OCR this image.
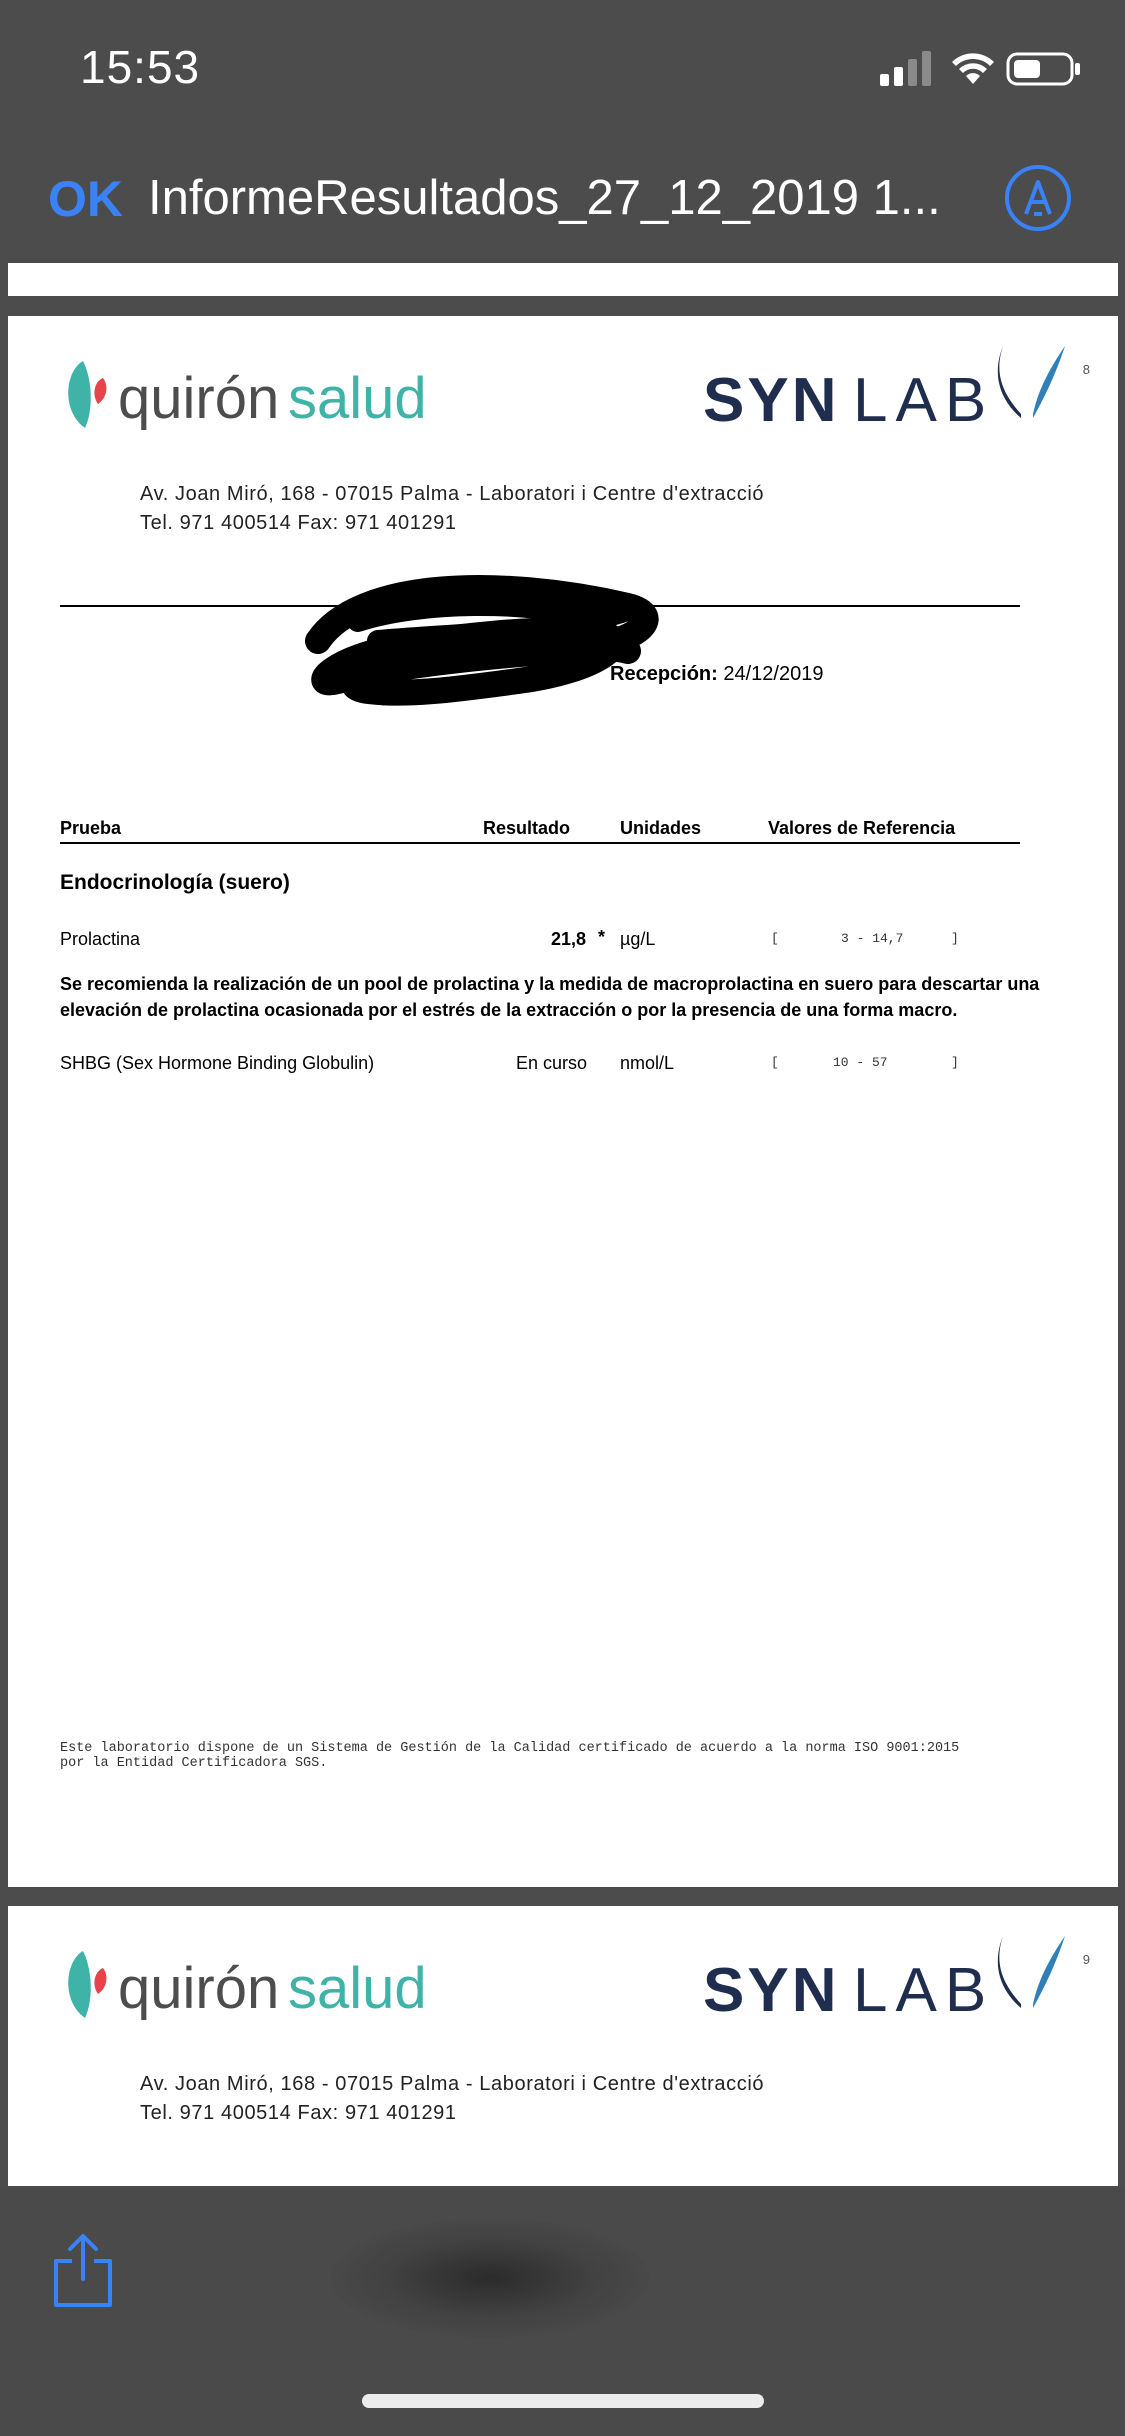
15:53
OK InformeResultados_27_12_2019 1...
quirón salud	SYN LAB	8
Av. Joan Miró, 168 - 07015 Palma - Laboratori i Centre d'extracció
Tel. 971 400514 Fax: 971 401291
Registro	Recepción: 24/12/2019
Prueba	Resultado	Unidades	Valores de Referencia
Endocrinología (suero)
Prolactina	21,8 * µg/L	[	3 - 14,7	]
Se recomienda la realización de un pool de prolactina y la medida de macroprolactina en suero para descartar una elevación de prolactina ocasionada por el estrés de la extracción o por la presencia de una forma macro.
SHBG (Sex Hormone Binding Globulin)	En curso nmol/L	[	10 - 57	]
Este laboratorio dispone de un Sistema de Gestión de la Calidad certificado de acuerdo a la norma ISO 9001:2015
por la Entidad Certificadora SGS.
quirón salud	SYN LAB	9
Av. Joan Miró, 168 - 07015 Palma - Laboratori i Centre d'extracció
Tel. 971 400514 Fax: 971 401291
